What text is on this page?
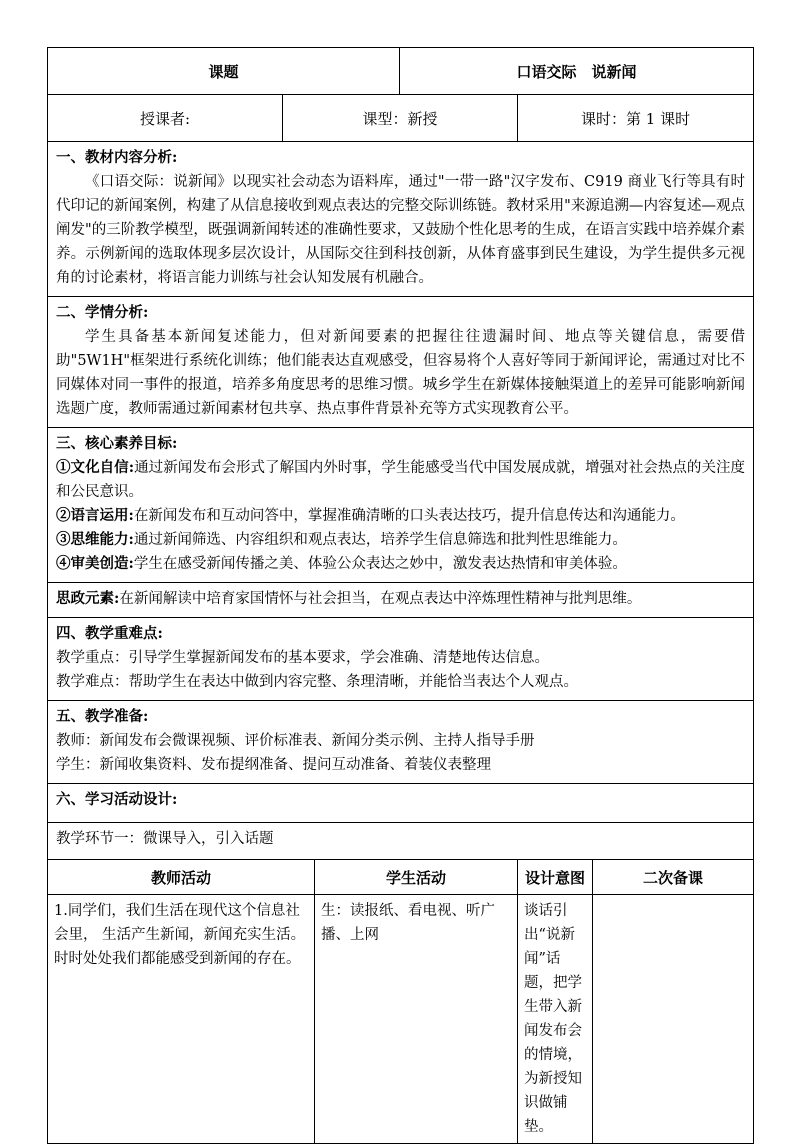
课题			口语交际　说新闻		
授课者:	课型：新授			课时：第 1 课时	

一、教材内容分析:

《口语交际：说新闻》以现实社会动态为语料库，通过"一带一路"汉字发布、C919 商业飞行等具有时代印记的新闻案例，构建了从信息接收到观点表达的完整交际训练链。教材采用"来源追溯—内容复述—观点阐发"的三阶教学模型，既强调新闻转述的准确性要求，又鼓励个性化思考的生成，在语言实践中培养媒介素养。示例新闻的选取体现多层次设计，从国际交往到科技创新，从体育盛事到民生建设，为学生提供多元视角的讨论素材，将语言能力训练与社会认知发展有机融合。					

二、学情分析:

学生具备基本新闻复述能力，但对新闻要素的把握往往遗漏时间、地点等关键信息，需要借助"5W1H"框架进行系统化训练；他们能表达直观感受，但容易将个人喜好等同于新闻评论，需通过对比不同媒体对同一事件的报道，培养多角度思考的思维习惯。城乡学生在新媒体接触渠道上的差异可能影响新闻选题广度，教师需通过新闻素材包共享、热点事件背景补充等方式实现教育公平。					

三、核心素养目标:

①文化自信:通过新闻发布会形式了解国内外时事，学生能感受当代中国发展成就，增强对社会热点的关注度和公民意识。

②语言运用:在新闻发布和互动问答中，掌握准确清晰的口头表达技巧，提升信息传达和沟通能力。

③思维能力:通过新闻筛选、内容组织和观点表达，培养学生信息筛选和批判性思维能力。

④审美创造:学生在感受新闻传播之美、体验公众表达之妙中，激发表达热情和审美体验。					

思政元素:在新闻解读中培育家国情怀与社会担当，在观点表达中淬炼理性精神与批判思维。					

四、教学重难点:

教学重点：引导学生掌握新闻发布的基本要求，学会准确、清楚地传达信息。

教学难点：帮助学生在表达中做到内容完整、条理清晰，并能恰当表达个人观点。					

五、教学准备:

教师：新闻发布会微课视频、评价标准表、新闻分类示例、主持人指导手册

学生：新闻收集资料、发布提纲准备、提问互动准备、着装仪表整理					

六、学习活动设计:					

教学环节一：微课导入，引入话题					
教师活动		学生活动		设计意图	二次备课
1.同学们，我们生活在现代这个信息社会里， 生活产生新闻，新闻充实生活。时时处处我们都能感受到新闻的存在。		生：读报纸、看电视、听广播、上网		谈话引出“说新闻”话题，把学生带入新闻发布会的情境，为新授知识做铺垫。	
